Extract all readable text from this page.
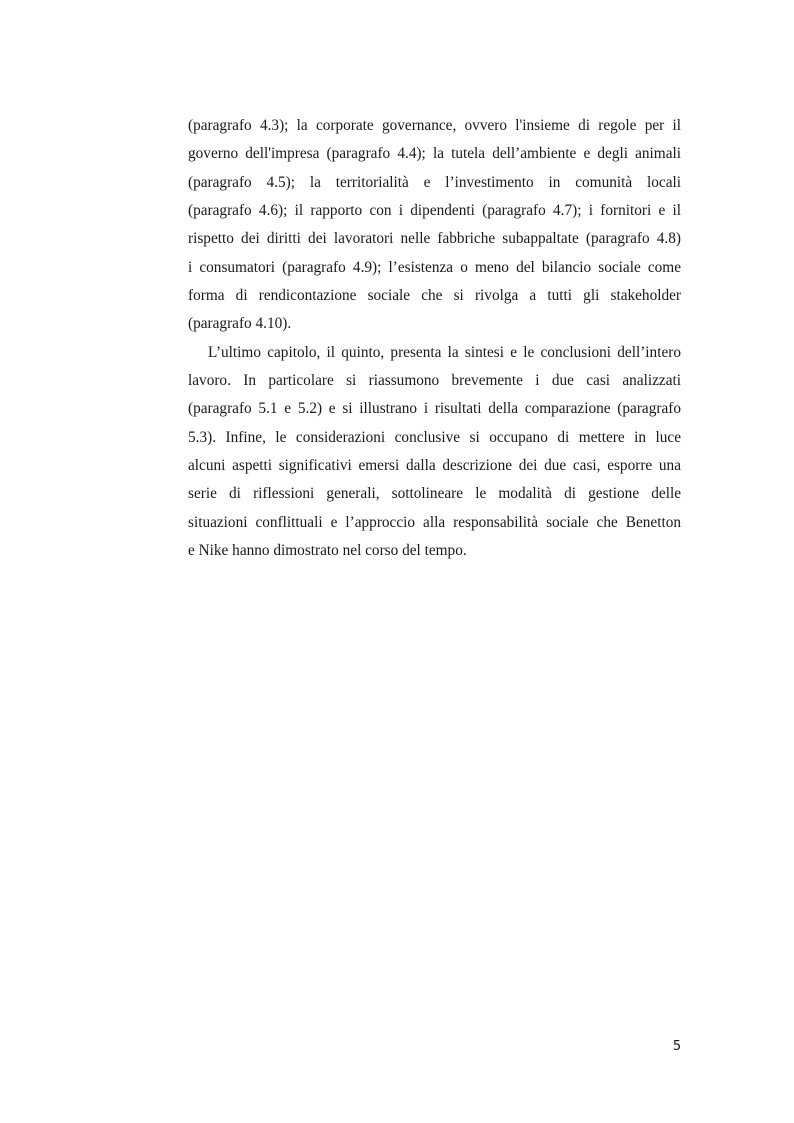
(paragrafo 4.3); la corporate governance, ovvero l'insieme di regole per il
governo dell'impresa (paragrafo 4.4); la tutela dell’ambiente e degli animali
(paragrafo 4.5); la territorialità e l’investimento in comunità locali
(paragrafo 4.6); il rapporto con i dipendenti (paragrafo 4.7); i fornitori e il
rispetto dei diritti dei lavoratori nelle fabbriche subappaltate (paragrafo 4.8)
i consumatori (paragrafo 4.9); l’esistenza o meno del bilancio sociale come
forma di rendicontazione sociale che si rivolga a tutti gli stakeholder
(paragrafo 4.10).
L’ultimo capitolo, il quinto, presenta la sintesi e le conclusioni dell’intero
lavoro. In particolare si riassumono brevemente i due casi analizzati
(paragrafo 5.1 e 5.2) e si illustrano i risultati della comparazione (paragrafo
5.3). Infine, le considerazioni conclusive si occupano di mettere in luce
alcuni aspetti significativi emersi dalla descrizione dei due casi, esporre una
serie di riflessioni generali, sottolineare le modalità di gestione delle
situazioni conflittuali e l’approccio alla responsabilità sociale che Benetton
e Nike hanno dimostrato nel corso del tempo.
5
